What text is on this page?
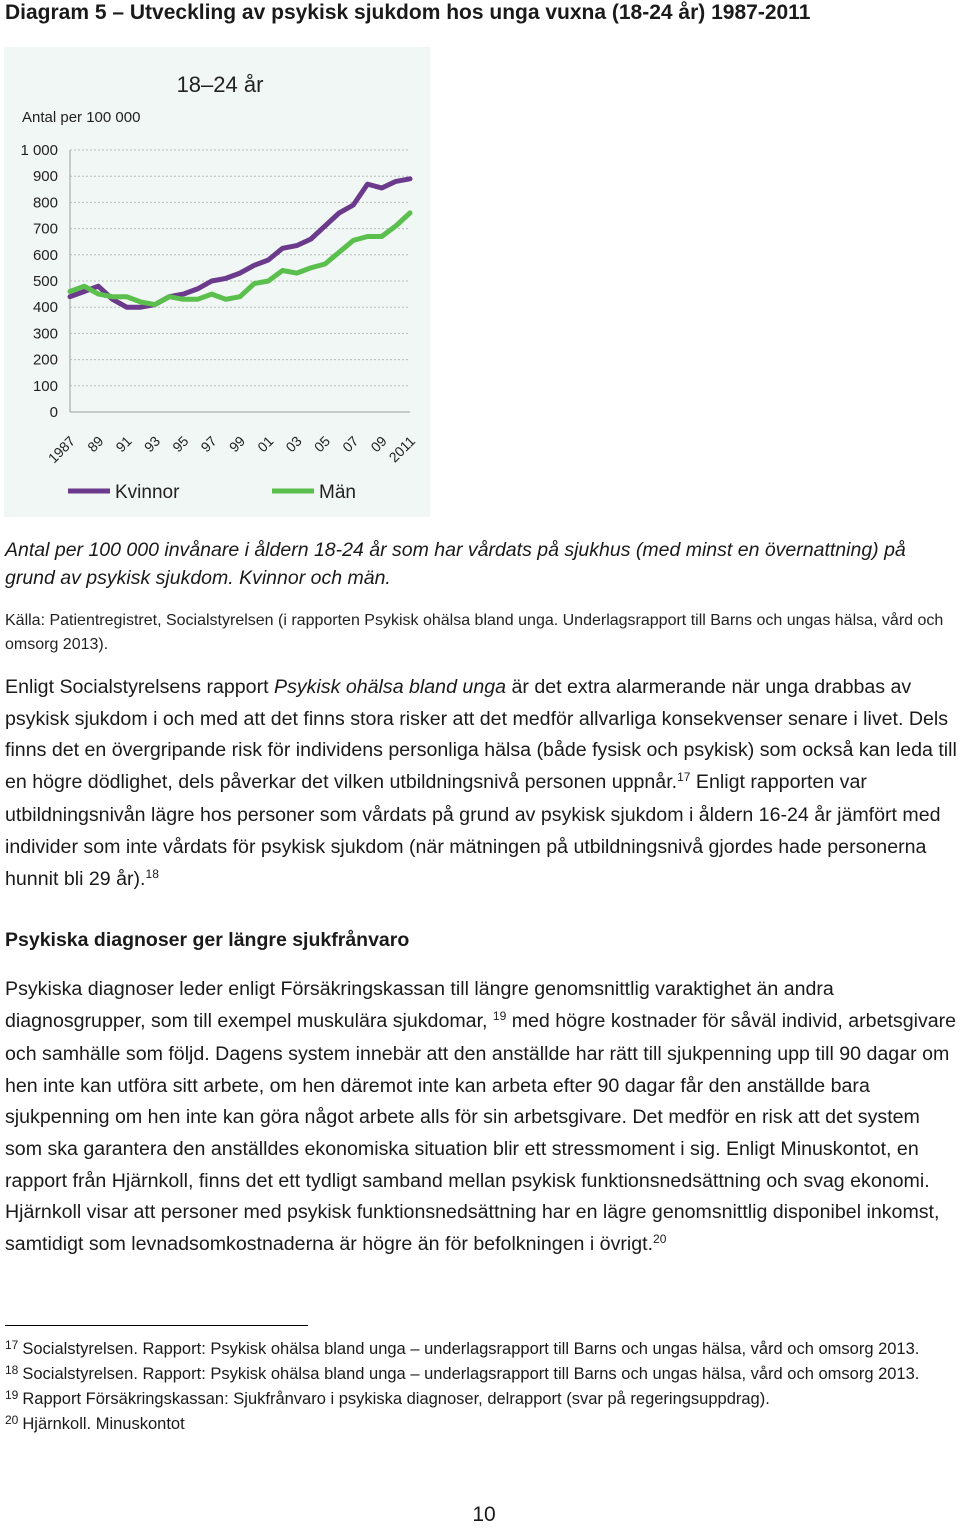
Diagram 5 – Utveckling av psykisk sjukdom hos unga vuxna (18-24 år) 1987-2011
18–24 år
Antal per 100 000
1 000
900
800
700
600
500
400
300
200
100
0
1987 89 91 93 95 97 99 01 03 05 07 09
2011
Kvinnor	Män
Antal per 100 000 invånare i åldern 18-24 år som har vårdats på sjukhus (med minst en övernattning) på grund av psykisk sjukdom. Kvinnor och män.
Källa: Patientregistret, Socialstyrelsen (i rapporten Psykisk ohälsa bland unga. Underlagsrapport till Barns och ungas hälsa, vård och omsorg 2013).
Enligt Socialstyrelsens rapport Psykisk ohälsa bland unga är det extra alarmerande när unga drabbas av psykisk sjukdom i och med att det finns stora risker att det medför allvarliga konsekvenser senare i livet. Dels finns det en övergripande risk för individens personliga hälsa (både fysisk och psykisk) som också kan leda till en högre dödlighet, dels påverkar det vilken utbildningsnivå personen uppnår.$^{17}$ Enligt rapporten var utbildningsnivån lägre hos personer som vårdats på grund av psykisk sjukdom i åldern 16-24 år jämfört med individer som inte vårdats för psykisk sjukdom (när mätningen på utbildningsnivå gjordes hade personerna hunnit bli 29 år).$^{18}$
Psykiska diagnoser ger längre sjukfrånvaro
Psykiska diagnoser leder enligt Försäkringskassan till längre genomsnittlig varaktighet än andra diagnosgrupper, som till exempel muskulära sjukdomar, $^{19}$ med högre kostnader för såväl individ, arbetsgivare och samhälle som följd. Dagens system innebär att den anställde har rätt till sjukpenning upp till 90 dagar om hen inte kan utföra sitt arbete, om hen däremot inte kan arbeta efter 90 dagar får den anställde bara sjukpenning om hen inte kan göra något arbete alls för sin arbetsgivare. Det medför en risk att det system som ska garantera den anställdes ekonomiska situation blir ett stressmoment i sig. Enligt Minuskontot, en rapport från Hjärnkoll, finns det ett tydligt samband mellan psykisk funktionsnedsättning och svag ekonomi. Hjärnkoll visar att personer med psykisk funktionsnedsättning har en lägre genomsnittlig disponibel inkomst, samtidigt som levnadsomkostnaderna är högre än för befolkningen i övrigt.$^{20}$

$^{17}$ Socialstyrelsen. Rapport: Psykisk ohälsa bland unga – underlagsrapport till Barns och ungas hälsa, vård och omsorg 2013.

$^{18}$ Socialstyrelsen. Rapport: Psykisk ohälsa bland unga – underlagsrapport till Barns och ungas hälsa, vård och omsorg 2013.

$^{19}$ Rapport Försäkringskassan: Sjukfrånvaro i psykiska diagnoser, delrapport (svar på regeringsuppdrag).

$^{20}$ Hjärnkoll. Minuskontot

10
